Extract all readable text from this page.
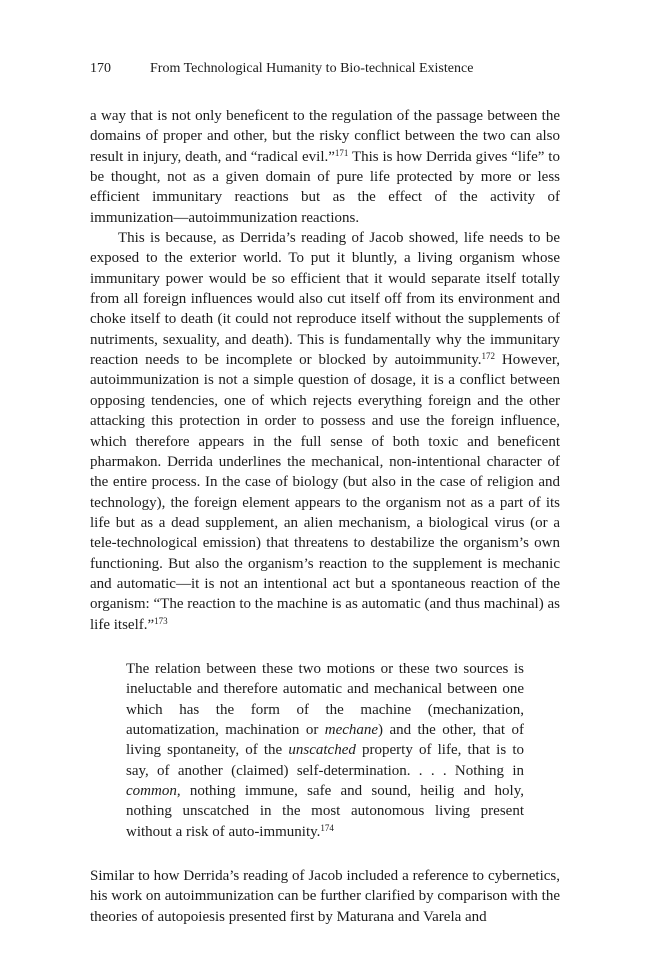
170	From Technological Humanity to Bio-technical Existence

a way that is not only beneficent to the regulation of the passage between the domains of proper and other, but the risky conflict between the two can also result in injury, death, and “radical evil.”$^{171}$ This is how Derrida gives “life” to be thought, not as a given domain of pure life protected by more or less efficient immunitary reactions but as the effect of the activity of immunization—autoimmunization reactions.

This is because, as Derrida’s reading of Jacob showed, life needs to be exposed to the exterior world. To put it bluntly, a living organism whose immunitary power would be so efficient that it would separate itself totally from all foreign influences would also cut itself off from its environment and choke itself to death (it could not reproduce itself without the supplements of nutriments, sexuality, and death). This is fundamentally why the immunitary reaction needs to be incomplete or blocked by autoimmunity.$^{172}$ However, autoimmunization is not a simple question of dosage, it is a conflict between opposing tendencies, one of which rejects everything foreign and the other attacking this protection in order to possess and use the foreign influence, which therefore appears in the full sense of both toxic and beneficent pharmakon. Derrida underlines the mechanical, non-intentional character of the entire process. In the case of biology (but also in the case of religion and technology), the foreign element appears to the organism not as a part of its life but as a dead supplement, an alien mechanism, a biological virus (or a tele-technological emission) that threatens to destabilize the organism’s own functioning. But also the organism’s reaction to the supplement is mechanic and automatic—it is not an intentional act but a spontaneous reaction of the organism: “The reaction to the machine is as automatic (and thus machinal) as life itself.”$^{173}$

The relation between these two motions or these two sources is ineluctable and therefore automatic and mechanical between one which has the form of the machine (mechanization, automatization, machination or mechane) and the other, that of living spontaneity, of the unscatched property of life, that is to say, of another (claimed) self-determination. . . . Nothing in common, nothing immune, safe and sound, heilig and holy, nothing unscatched in the most autonomous living present without a risk of auto-immunity.$^{174}$

Similar to how Derrida’s reading of Jacob included a reference to cybernetics, his work on autoimmunization can be further clarified by comparison with the theories of autopoiesis presented first by Maturana and Varela and
